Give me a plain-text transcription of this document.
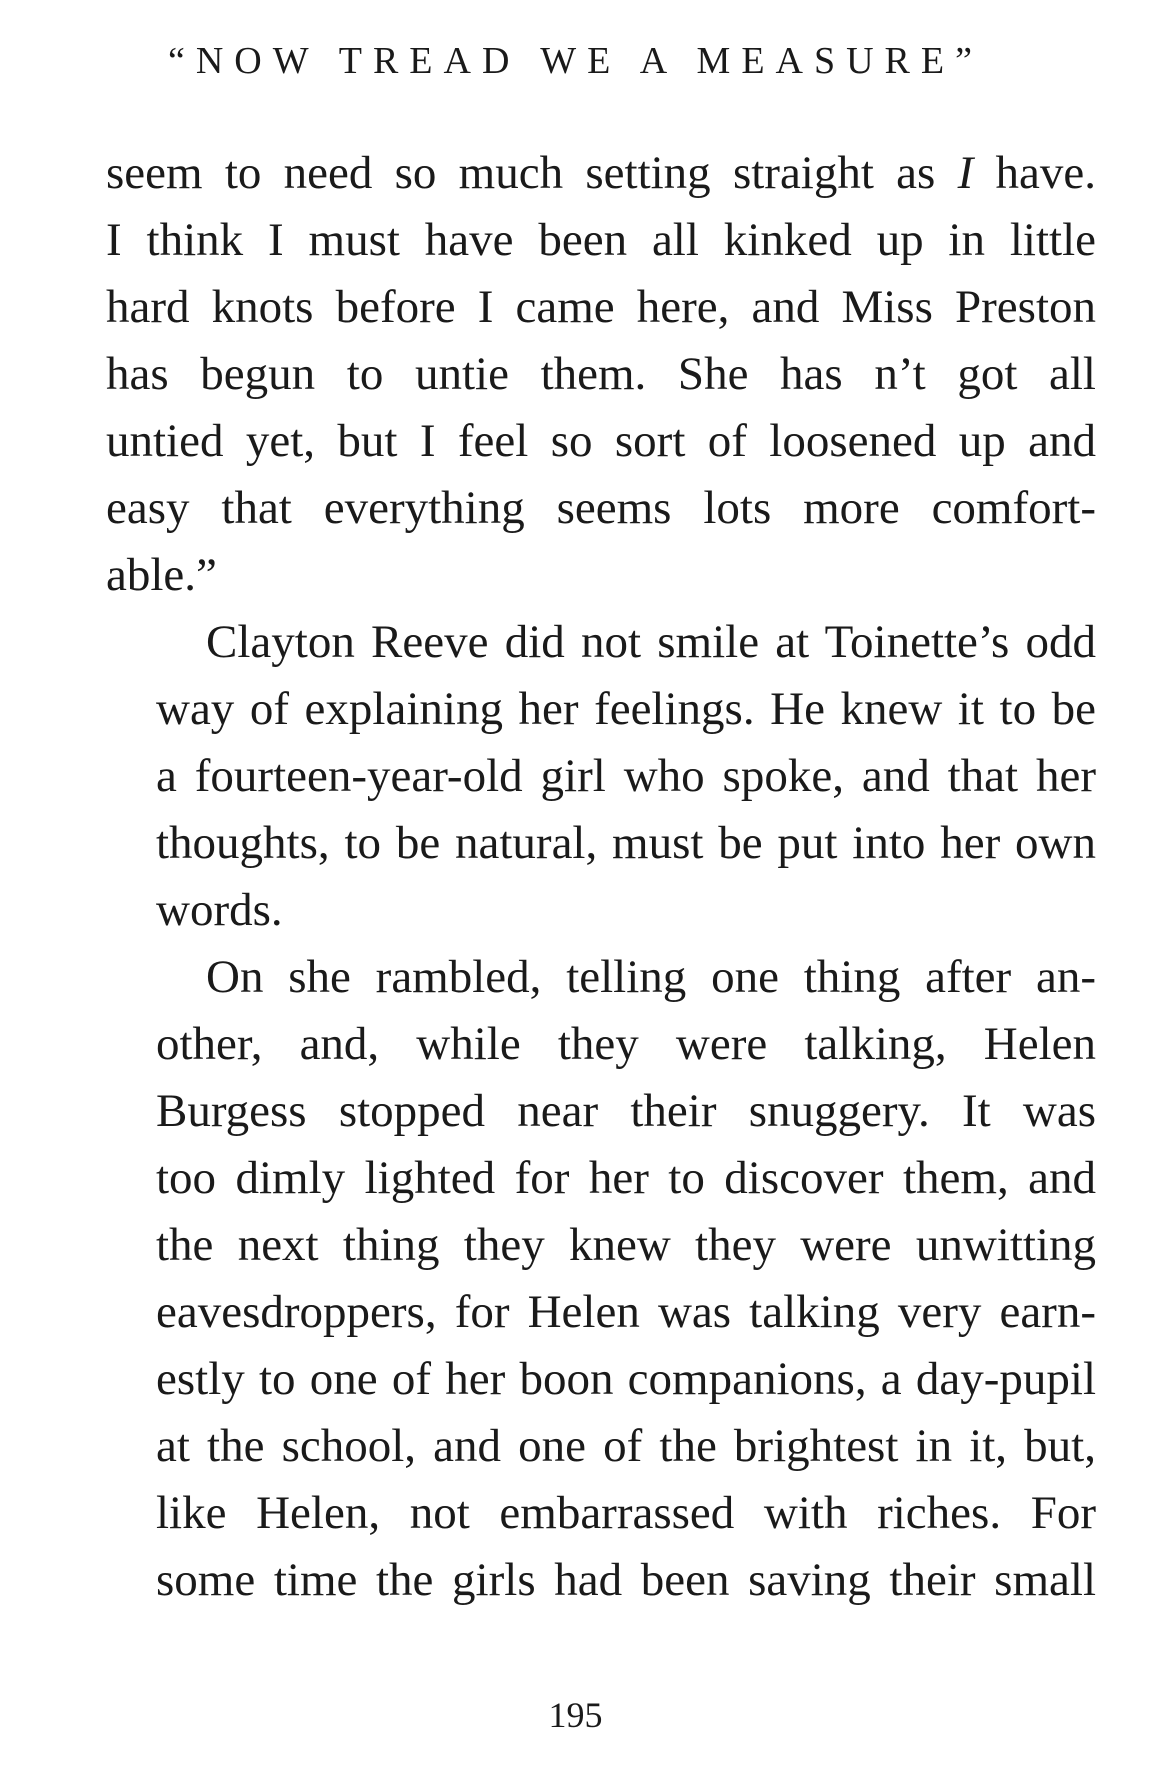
“NOW TREAD WE A MEASURE”

seem to need so much setting straight as I have.
I think I must have been all kinked up in little
hard knots before I came here, and Miss Preston
has begun to untie them. She has n’t got all
untied yet, but I feel so sort of loosened up and
easy that everything seems lots more comfort-
able.”

Clayton Reeve did not smile at Toinette’s odd
way of explaining her feelings. He knew it to be
a fourteen-year-old girl who spoke, and that her
thoughts, to be natural, must be put into her own
words.

On she rambled, telling one thing after an-
other, and, while they were talking, Helen
Burgess stopped near their snuggery. It was
too dimly lighted for her to discover them, and
the next thing they knew they were unwitting
eavesdroppers, for Helen was talking very earn-
estly to one of her boon companions, a day-pupil
at the school, and one of the brightest in it, but,
like Helen, not embarrassed with riches. For
some time the girls had been saving their small

195
